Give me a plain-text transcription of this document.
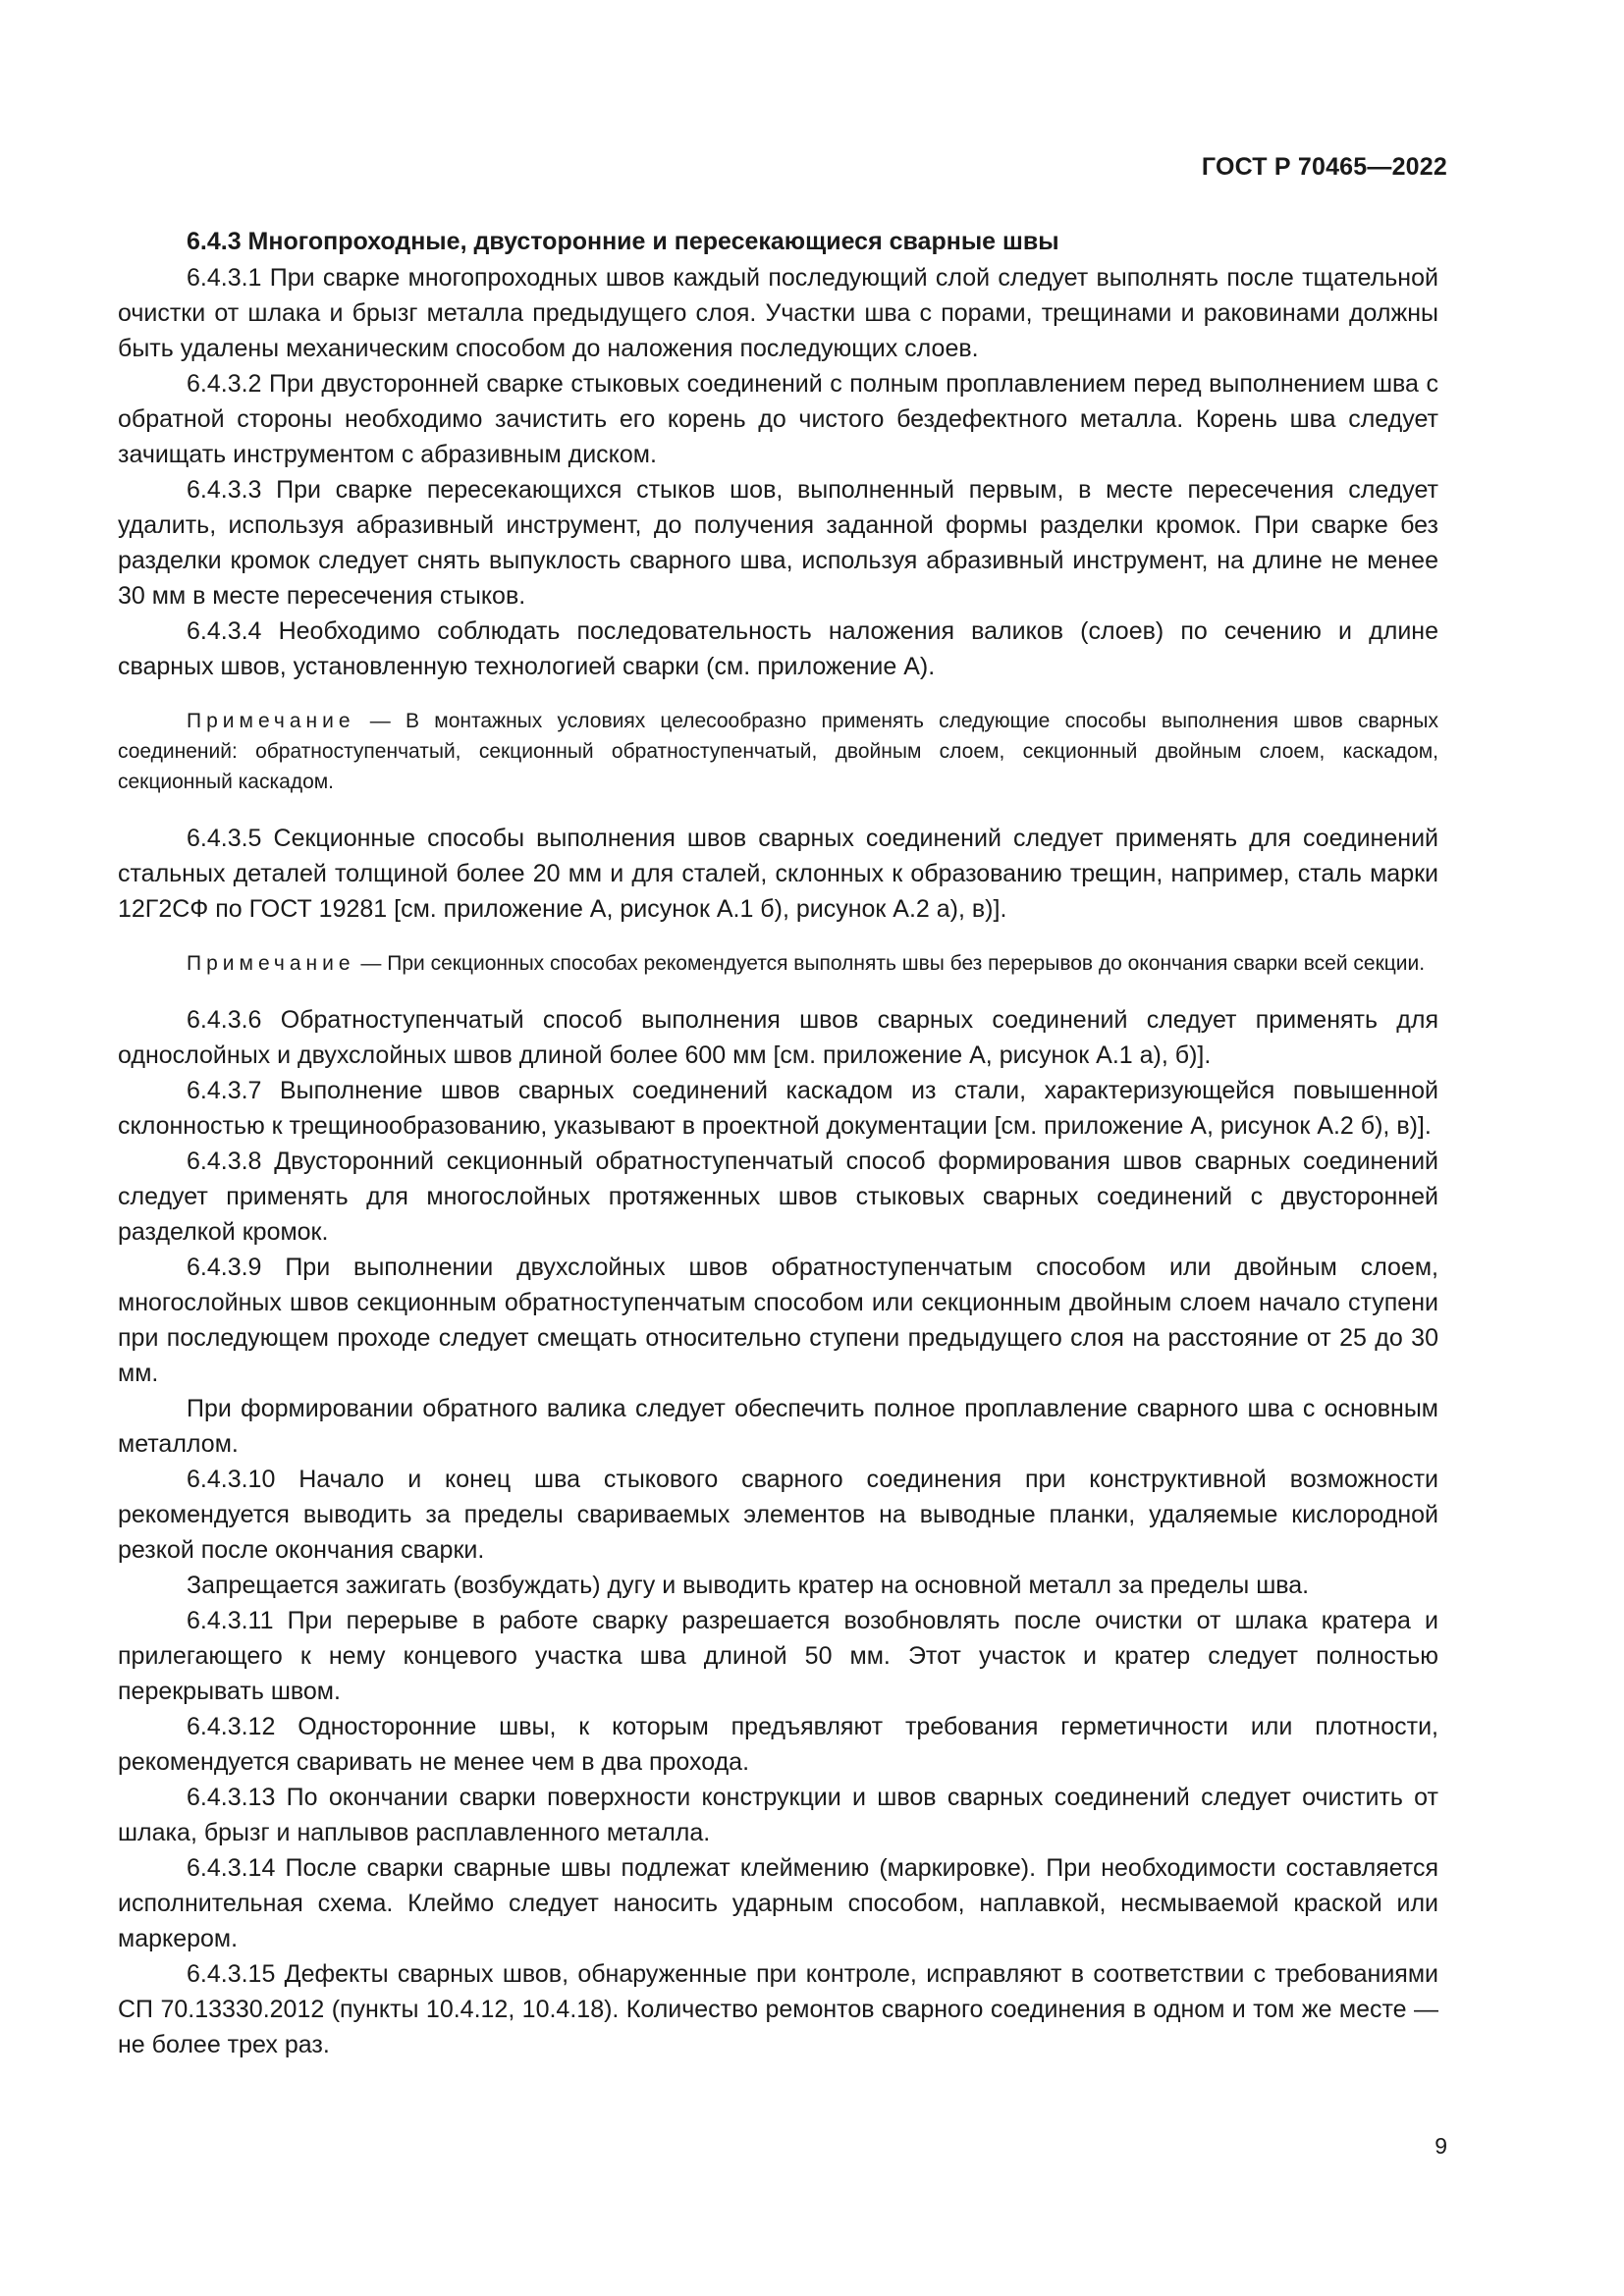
ГОСТ Р 70465—2022

6.4.3 Многопроходные, двусторонние и пересекающиеся сварные швы

6.4.3.1 При сварке многопроходных швов каждый последующий слой следует выполнять после тщательной очистки от шлака и брызг металла предыдущего слоя. Участки шва с порами, трещинами и раковинами должны быть удалены механическим способом до наложения последующих слоев.

6.4.3.2 При двусторонней сварке стыковых соединений с полным проплавлением перед выполнением шва с обратной стороны необходимо зачистить его корень до чистого бездефектного металла. Корень шва следует зачищать инструментом с абразивным диском.

6.4.3.3 При сварке пересекающихся стыков шов, выполненный первым, в месте пересечения следует удалить, используя абразивный инструмент, до получения заданной формы разделки кромок. При сварке без разделки кромок следует снять выпуклость сварного шва, используя абразивный инструмент, на длине не менее 30 мм в месте пересечения стыков.

6.4.3.4 Необходимо соблюдать последовательность наложения валиков (слоев) по сечению и длине сварных швов, установленную технологией сварки (см. приложение А).

Примечание — В монтажных условиях целесообразно применять следующие способы выполнения швов сварных соединений: обратноступенчатый, секционный обратноступенчатый, двойным слоем, секционный двойным слоем, каскадом, секционный каскадом.

6.4.3.5 Секционные способы выполнения швов сварных соединений следует применять для соединений стальных деталей толщиной более 20 мм и для сталей, склонных к образованию трещин, например, сталь марки 12Г2СФ по ГОСТ 19281 [см. приложение А, рисунок А.1 б), рисунок А.2 а), в)].

Примечание — При секционных способах рекомендуется выполнять швы без перерывов до окончания сварки всей секции.

6.4.3.6 Обратноступенчатый способ выполнения швов сварных соединений следует применять для однослойных и двухслойных швов длиной более 600 мм [см. приложение А, рисунок А.1 а), б)].

6.4.3.7 Выполнение швов сварных соединений каскадом из стали, характеризующейся повышенной склонностью к трещинообразованию, указывают в проектной документации [см. приложение А, рисунок А.2 б), в)].

6.4.3.8 Двусторонний секционный обратноступенчатый способ формирования швов сварных соединений следует применять для многослойных протяженных швов стыковых сварных соединений с двусторонней разделкой кромок.

6.4.3.9 При выполнении двухслойных швов обратноступенчатым способом или двойным слоем, многослойных швов секционным обратноступенчатым способом или секционным двойным слоем начало ступени при последующем проходе следует смещать относительно ступени предыдущего слоя на расстояние от 25 до 30 мм.

При формировании обратного валика следует обеспечить полное проплавление сварного шва с основным металлом.

6.4.3.10 Начало и конец шва стыкового сварного соединения при конструктивной возможности рекомендуется выводить за пределы свариваемых элементов на выводные планки, удаляемые кислородной резкой после окончания сварки.

Запрещается зажигать (возбуждать) дугу и выводить кратер на основной металл за пределы шва.

6.4.3.11 При перерыве в работе сварку разрешается возобновлять после очистки от шлака кратера и прилегающего к нему концевого участка шва длиной 50 мм. Этот участок и кратер следует полностью перекрывать швом.

6.4.3.12 Односторонние швы, к которым предъявляют требования герметичности или плотности, рекомендуется сваривать не менее чем в два прохода.

6.4.3.13 По окончании сварки поверхности конструкции и швов сварных соединений следует очистить от шлака, брызг и наплывов расплавленного металла.

6.4.3.14 После сварки сварные швы подлежат клеймению (маркировке). При необходимости составляется исполнительная схема. Клеймо следует наносить ударным способом, наплавкой, несмываемой краской или маркером.

6.4.3.15 Дефекты сварных швов, обнаруженные при контроле, исправляют в соответствии с требованиями СП 70.13330.2012 (пункты 10.4.12, 10.4.18). Количество ремонтов сварного соединения в одном и том же месте — не более трех раз.

9
